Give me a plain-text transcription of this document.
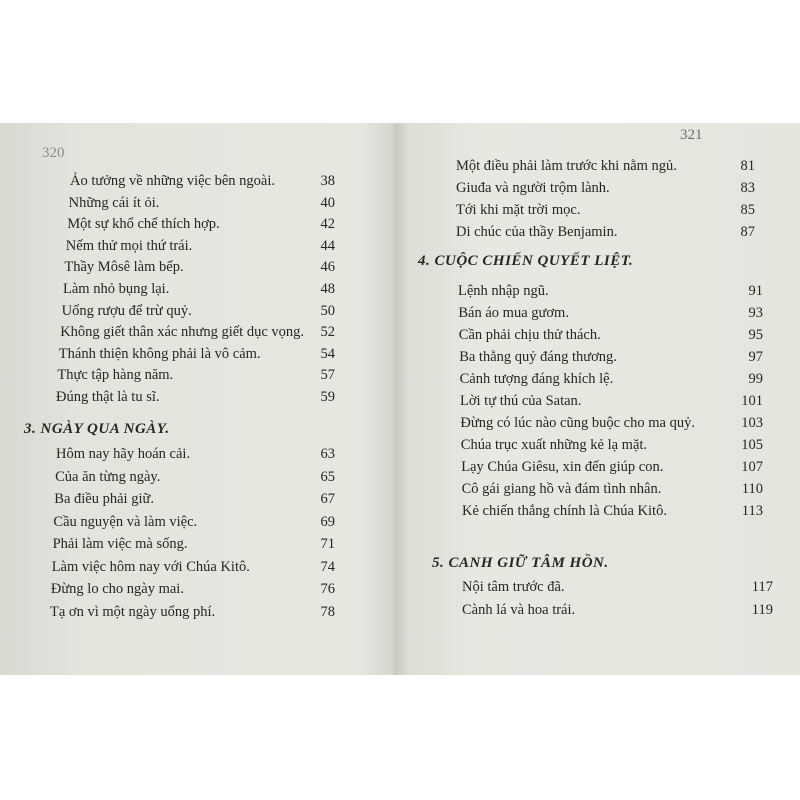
320
Ảo tưởng về những việc bên ngoài.	38
Những cái ít ỏi.	40
Một sự khổ chế thích hợp.	42
Nếm thử mọi thứ trái.	44
Thầy Môsê làm bếp.	46
Làm nhỏ bụng lại.	48
Uống rượu để trừ quỷ.	50
Không giết thân xác nhưng giết dục vọng.	52
Thánh thiện không phải là vô cảm.	54
Thực tập hàng năm.	57
Đúng thật là tu sĩ.	59
3. NGÀY QUA NGÀY.
Hôm nay hãy hoán cải.	63
Của ăn từng ngày.	65
Ba điều phải giữ.	67
Cầu nguyện và làm việc.	69
Phải làm việc mà sống.	71
Làm việc hôm nay với Chúa Kitô.	74
Đừng lo cho ngày mai.	76
Tạ ơn vì một ngày uổng phí.	78
321
Một điều phải làm trước khi nằm ngủ.	81
Giuđa và người trộm lành.	83
Tới khi mặt trời mọc.	85
Di chúc của thầy Benjamin.	87
4. CUỘC CHIẾN QUYẾT LIỆT.
Lệnh nhập ngũ.	91
Bán áo mua gươm.	93
Cần phải chịu thử thách.	95
Ba thằng quỷ đáng thương.	97
Cảnh tượng đáng khích lệ.	99
Lời tự thú của Satan.	101
Đừng có lúc nào cũng buộc cho ma quỷ.	103
Chúa trục xuất những kẻ lạ mặt.	105
Lạy Chúa Giêsu, xin đến giúp con.	107
Cô gái giang hồ và đám tình nhân.	110
Kẻ chiến thắng chính là Chúa Kitô.	113
5. CANH GIỮ TÂM HỒN.
Nội tâm trước đã.	117
Cành lá và hoa trái.	119
